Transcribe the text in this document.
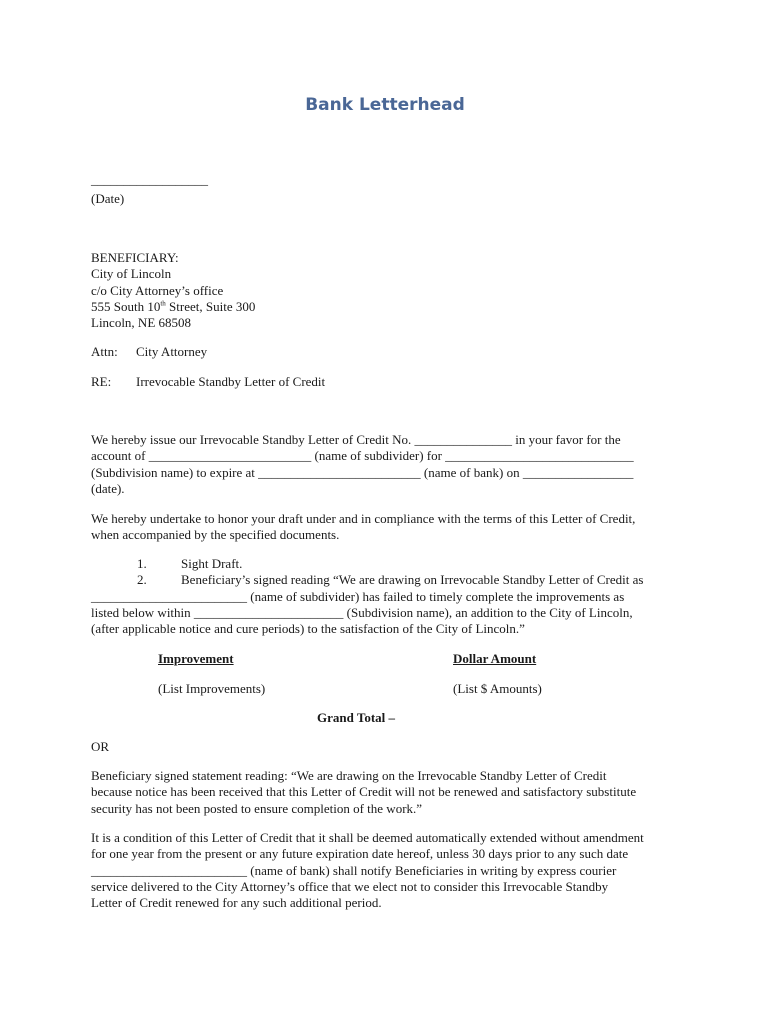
Bank Letterhead
__________________
(Date)
BENEFICIARY:
City of Lincoln
c/o City Attorney’s office
555 South 10th Street, Suite 300
Lincoln, NE 68508
Attn: City Attorney
RE: Irrevocable Standby Letter of Credit
We hereby issue our Irrevocable Standby Letter of Credit No. _______________ in your favor for the
account of _________________________ (name of subdivider) for _____________________________
(Subdivision name) to expire at _________________________ (name of bank) on _________________
(date).
We hereby undertake to honor your draft under and in compliance with the terms of this Letter of Credit,
when accompanied by the specified documents.
1.	Sight Draft.
2.	Beneficiary’s signed reading “We are drawing on Irrevocable Standby Letter of Credit as
________________________ (name of subdivider) has failed to timely complete the improvements as
listed below within _______________________ (Subdivision name), an addition to the City of Lincoln,
(after applicable notice and cure periods) to the satisfaction of the City of Lincoln.”
Improvement	Dollar Amount
(List Improvements)	(List $ Amounts)
Grand Total –
OR
Beneficiary signed statement reading: “We are drawing on the Irrevocable Standby Letter of Credit
because notice has been received that this Letter of Credit will not be renewed and satisfactory substitute
security has not been posted to ensure completion of the work.”
It is a condition of this Letter of Credit that it shall be deemed automatically extended without amendment
for one year from the present or any future expiration date hereof, unless 30 days prior to any such date
________________________ (name of bank) shall notify Beneficiaries in writing by express courier
service delivered to the City Attorney’s office that we elect not to consider this Irrevocable Standby
Letter of Credit renewed for any such additional period.
